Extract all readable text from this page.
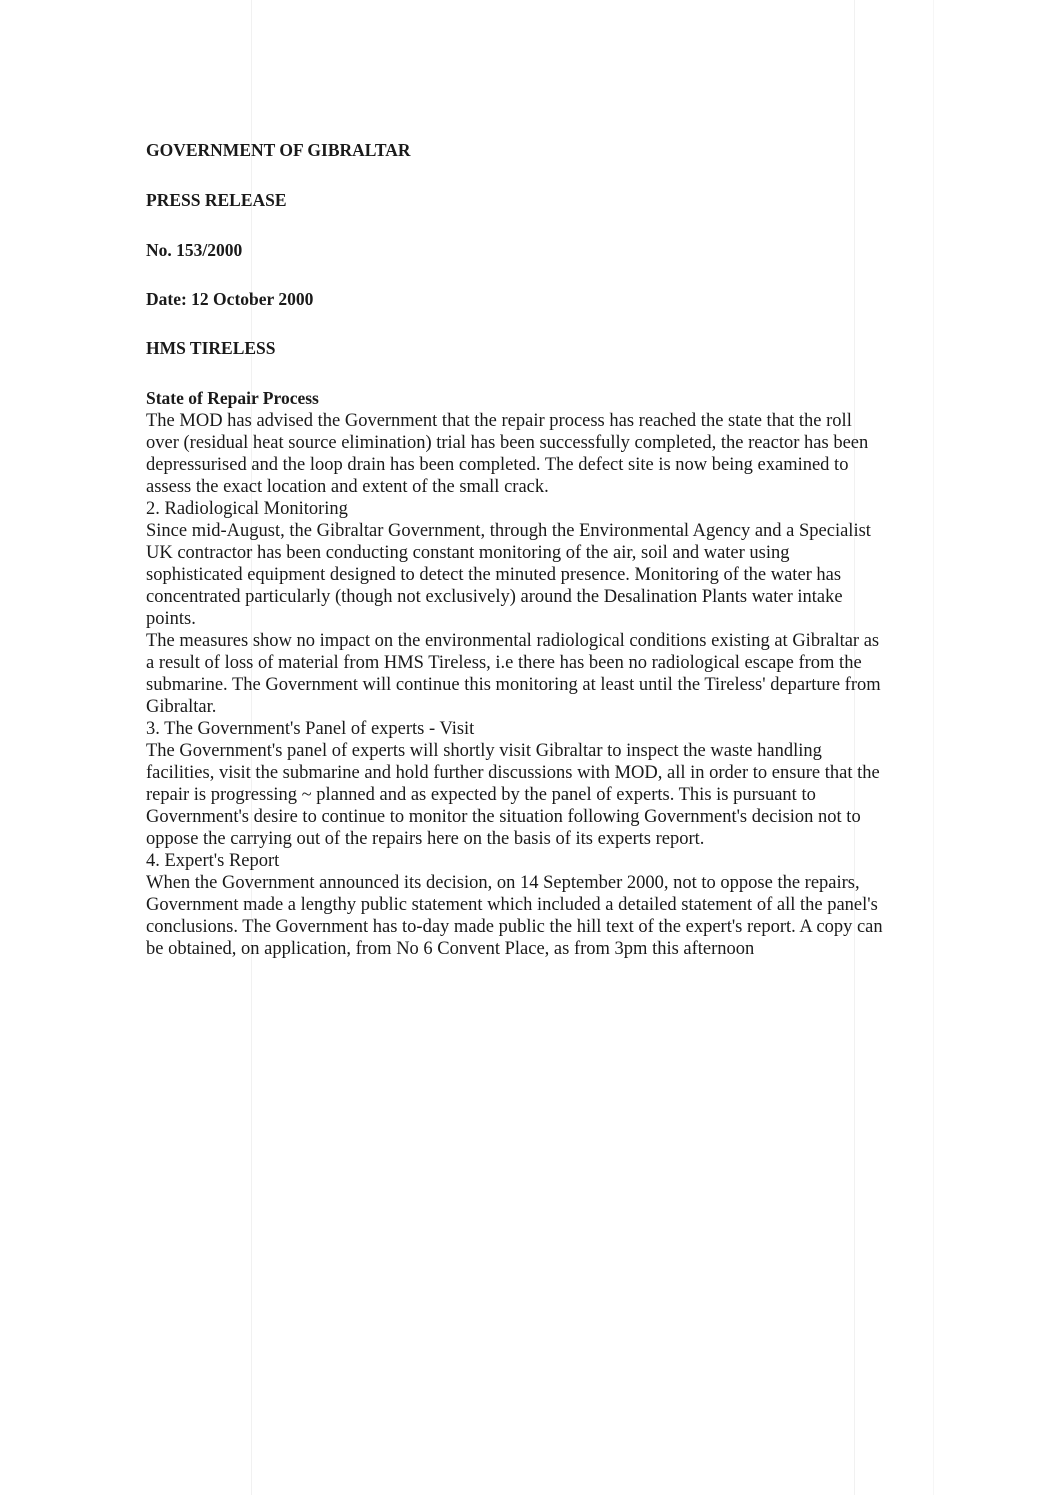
GOVERNMENT OF GIBRALTAR
PRESS RELEASE
No. 153/2000
Date: 12 October 2000
HMS TIRELESS
State of Repair Process

The MOD has advised the Government that the repair process has reached the state that the roll over (residual heat source elimination) trial has been successfully completed, the reactor has been depressurised and the loop drain has been completed. The defect site is now being examined to assess the exact location and extent of the small crack.

2. Radiological Monitoring

Since mid-August, the Gibraltar Government, through the Environmental Agency and a Specialist UK contractor has been conducting constant monitoring of the air, soil and water using sophisticated equipment designed to detect the minuted presence. Monitoring of the water has concentrated particularly (though not exclusively) around the Desalination Plants water intake points.

The measures show no impact on the environmental radiological conditions existing at Gibraltar as a result of loss of material from HMS Tireless, i.e there has been no radiological escape from the submarine. The Government will continue this monitoring at least until the Tireless' departure from Gibraltar.

3. The Government's Panel of experts - Visit

The Government's panel of experts will shortly visit Gibraltar to inspect the waste handling facilities, visit the submarine and hold further discussions with MOD, all in order to ensure that the repair is progressing ~ planned and as expected by the panel of experts. This is pursuant to Government's desire to continue to monitor the situation following Government's decision not to oppose the carrying out of the repairs here on the basis of its experts report.

4. Expert's Report

When the Government announced its decision, on 14 September 2000, not to oppose the repairs, Government made a lengthy public statement which included a detailed statement of all the panel's conclusions. The Government has to-day made public the hill text of the expert's report. A copy can be obtained, on application, from No 6 Convent Place, as from 3pm this afternoon
